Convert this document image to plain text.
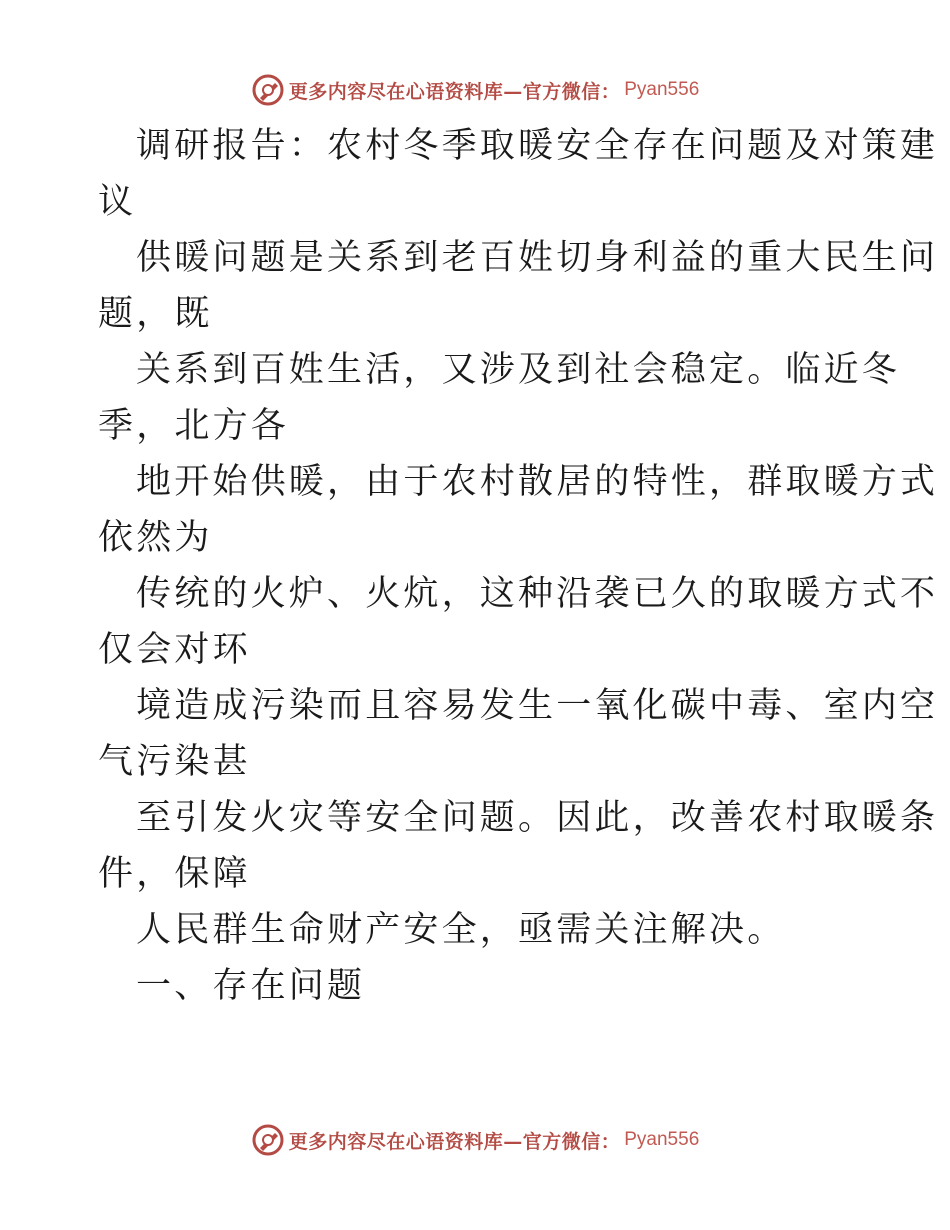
更多内容尽在心语资料库—官方微信： Pyan556
调研报告：农村冬季取暖安全存在问题及对策建
议
供暖问题是关系到老百姓切身利益的重大民生问
题，既
关系到百姓生活，又涉及到社会稳定。临近冬
季，北方各
地开始供暖，由于农村散居的特性，群取暖方式
依然为
传统的火炉、火炕，这种沿袭已久的取暖方式不
仅会对环
境造成污染而且容易发生一氧化碳中毒、室内空
气污染甚
至引发火灾等安全问题。因此，改善农村取暖条
件，保障
人民群生命财产安全，亟需关注解决。
一、存在问题
更多内容尽在心语资料库—官方微信： Pyan556
